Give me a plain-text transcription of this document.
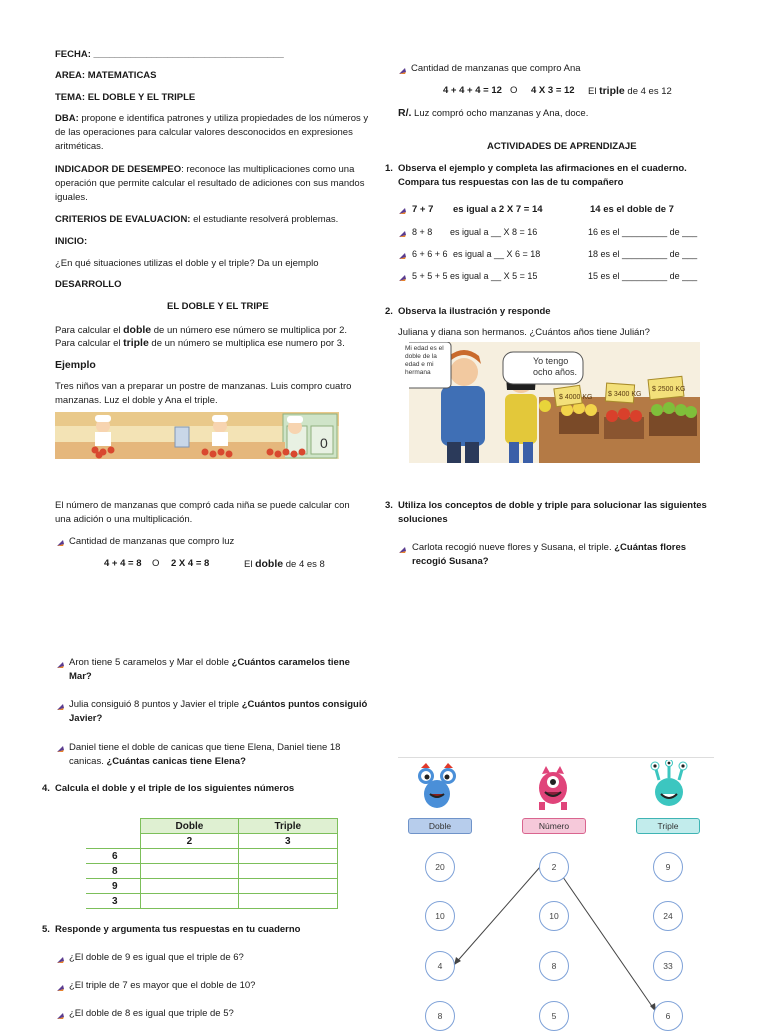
FECHA: ____________________________________
AREA: MATEMATICAS
TEMA: EL DOBLE Y EL TRIPLE
DBA: propone e identifica patrones y utiliza propiedades de los números y de las operaciones para calcular valores desconocidos en expresiones aritméticas.
INDICADOR DE DESEMPEO: reconoce las multiplicaciones como una operación que permite calcular el resultado de adiciones con sus mandos iguales.
CRITERIOS DE EVALUACION: el estudiante resolverá problemas.
INICIO:
¿En qué situaciones utilizas el doble y el triple? Da un ejemplo
DESARROLLO
EL DOBLE Y EL TRIPE
Para calcular el doble de un número ese número se multiplica por 2.
Para calcular el triple de un número se multiplica ese numero por 3.
Ejemplo
Tres niños van a preparar un postre de manzanas. Luis compro cuatro manzanas. Luz el doble y Ana el triple.
0
El número de manzanas que compró cada niña se puede calcular con una adición o una multiplicación.
Cantidad de manzanas que compro luz
4 + 4 = 8 O 2 X 4 = 8	El doble de 4 es 8
Aron tiene 5 caramelos y Mar el doble ¿Cuántos caramelos tiene Mar?
Julia consiguió 8 puntos y Javier el triple ¿Cuántos puntos consiguió Javier?
Daniel tiene el doble de canicas que tiene Elena, Daniel tiene 18 canicas. ¿Cuántas canicas tiene Elena?
4. Calcula el doble y el triple de los siguientes números
	Doble	Triple
	2	3
6		
8		
9		
3		
5. Responde y argumenta tus respuestas en tu cuaderno
¿El doble de 9 es igual que el triple de 6?
¿El triple de 7 es mayor que el doble de 10?
¿El doble de 8 es igual que triple de 5?
Cantidad de manzanas que compro Ana
4 + 4 + 4 = 12 O 4 X 3 = 12 El triple de 4 es 12
R/. Luz compró ocho manzanas y Ana, doce.
ACTIVIDADES DE APRENDIZAJE
1. Observa el ejemplo y completa las afirmaciones en el cuaderno. Compara tus respuestas con las de tu compañero
7 + 7 es igual a 2 X 7 = 14	14 es el doble de 7
8 + 8 es igual a __ X 8 = 16	16 es el _________ de ___
6 + 6 + 6 es igual a __ X 6 = 18	18 es el _________ de ___
5 + 5 + 5 es igual a __ X 5 = 15	15 es el _________ de ___
2. Observa la ilustración y responde
Juliana y diana son hermanos. ¿Cuántos años tiene Julián?
$ 4000 KG $ 3400 KG
$ 2500 KG
Mi edad es el doble de la edad e mi hermana
Yo tengo ocho años.
3. Utiliza los conceptos de doble y triple para solucionar las siguientes soluciones
Carlota recogió nueve flores y Susana, el triple. ¿Cuántas flores recogió Susana?
Doble	Número	Triple
20
10
4
8
2
10
8
5
9
24
33
6
